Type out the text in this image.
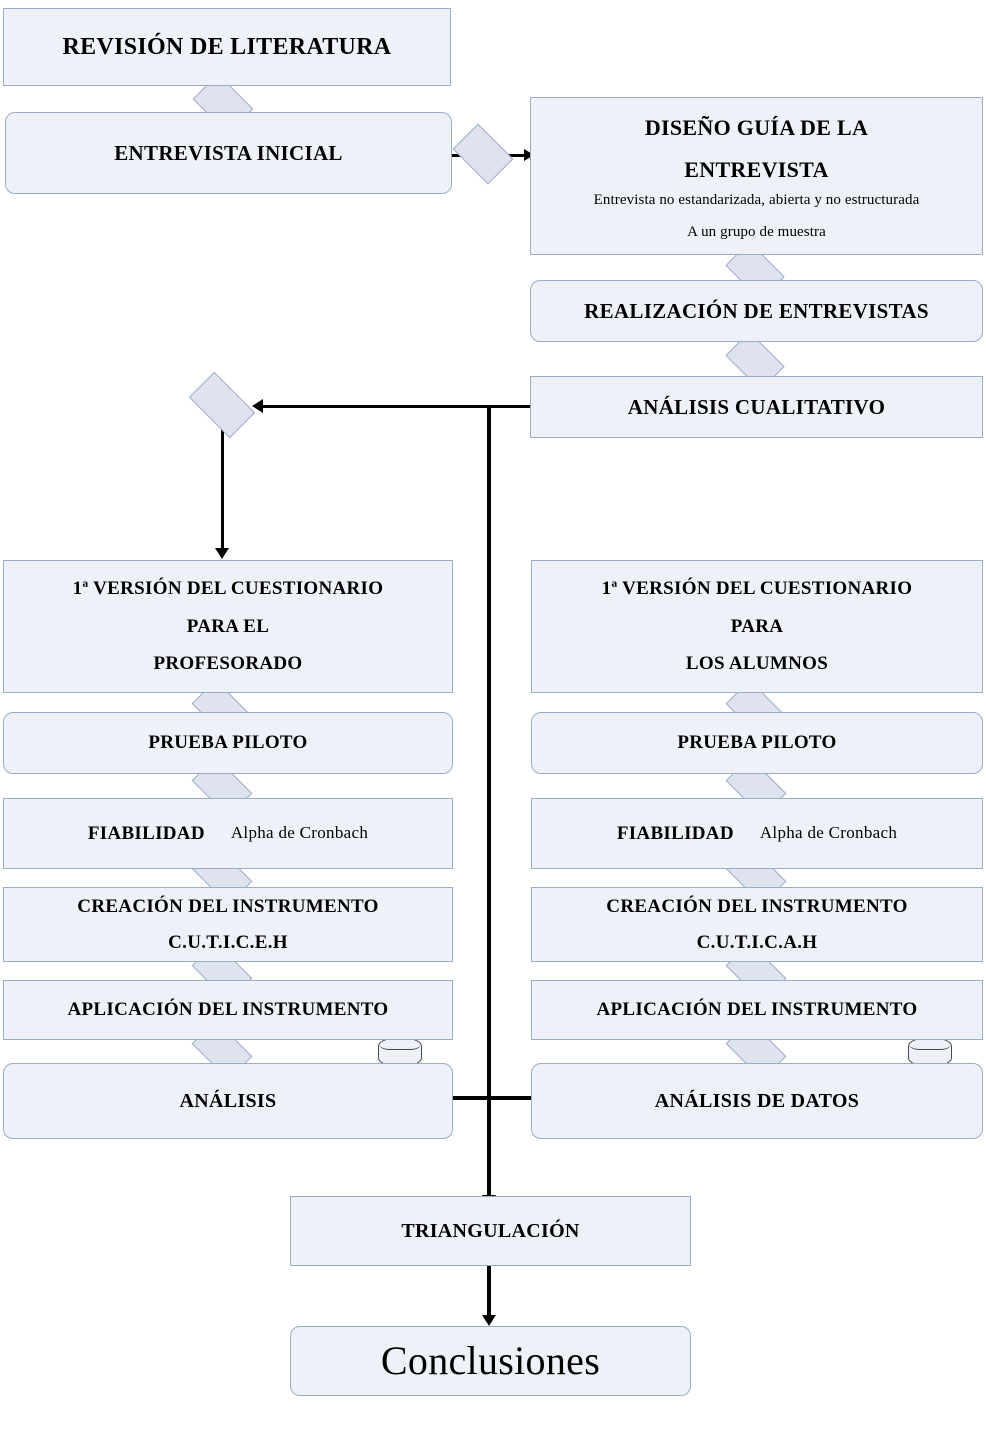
REVISIÓN DE LITERATURA
ENTREVISTA INICIAL
DISEÑO GUÍA DE LA
ENTREVISTA
Entrevista no estandarizada, abierta y no estructurada
A un grupo de muestra
REALIZACIÓN DE ENTREVISTAS
ANÁLISIS CUALITATIVO
1ª VERSIÓN DEL CUESTIONARIO
PARA EL
PROFESORADO
1ª VERSIÓN DEL CUESTIONARIO
PARA
LOS ALUMNOS
PRUEBA PILOTO	PRUEBA PILOTO
FIABILIDAD Alpha de Cronbach	FIABILIDAD Alpha de Cronbach
CREACIÓN DEL INSTRUMENTO
C.U.T.I.C.E.H
CREACIÓN DEL INSTRUMENTO
C.U.T.I.C.A.H
APLICACIÓN DEL INSTRUMENTO	APLICACIÓN DEL INSTRUMENTO
ANÁLISIS	ANÁLISIS DE DATOS
TRIANGULACIÓN
Conclusiones
